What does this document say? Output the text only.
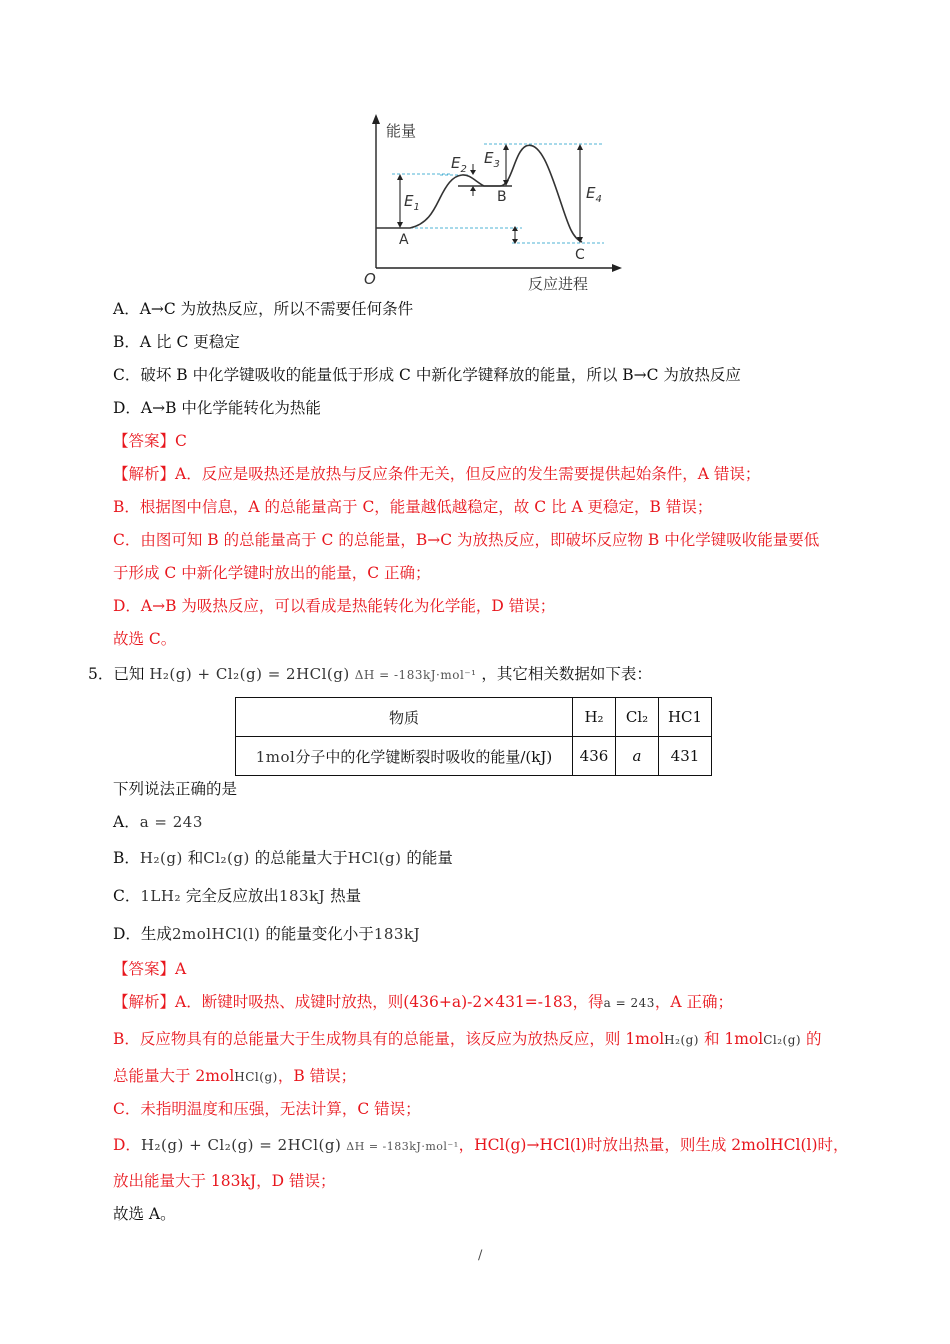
能量
反应进程
O
$E_1$
$E_2$
$E_3$
$E_4$
A
B
C
A．A→C 为放热反应，所以不需要任何条件
B．A 比 C 更稳定
C．破坏 B 中化学键吸收的能量低于形成 C 中新化学键释放的能量，所以 B→C 为放热反应
D．A→B 中化学能转化为热能
【答案】C
【解析】A．反应是吸热还是放热与反应条件无关，但反应的发生需要提供起始条件，A 错误；
B．根据图中信息，A 的总能量高于 C，能量越低越稳定，故 C 比 A 更稳定，B 错误；
C．由图可知 B 的总能量高于 C 的总能量，B→C 为放热反应，即破坏反应物 B 中化学键吸收能量要低
于形成 C 中新化学键时放出的能量，C 正确；
D．A→B 为吸热反应，可以看成是热能转化为化学能，D 错误；
故选 C。
5．已知 H₂(g) + Cl₂(g) = 2HCl(g) ΔH = -183kJ·mol⁻¹ ，其它相关数据如下表：
物质	H₂	Cl₂	HC1
1mol分子中的化学键断裂时吸收的能量/(kJ)	436	a	431
下列说法正确的是
A．a = 243
B．H₂(g) 和Cl₂(g) 的总能量大于HCl(g) 的能量
C．1LH₂ 完全反应放出183kJ 热量
D．生成2molHCl(l) 的能量变化小于183kJ
【答案】A
【解析】A．断键时吸热、成键时放热，则(436+a)-2×431=-183，得a = 243，A 正确；
B．反应物具有的总能量大于生成物具有的总能量，该反应为放热反应，则 1molH₂(g) 和 1molCl₂(g) 的
总能量大于 2molHCl(g)，B 错误；
C．未指明温度和压强，无法计算，C 错误；
D．H₂(g) + Cl₂(g) = 2HCl(g) ΔH = -183kJ·mol⁻¹，HCl(g)→HCl(l)时放出热量，则生成 2molHCl(l)时，
放出能量大于 183kJ，D 错误；
故选 A。
/
